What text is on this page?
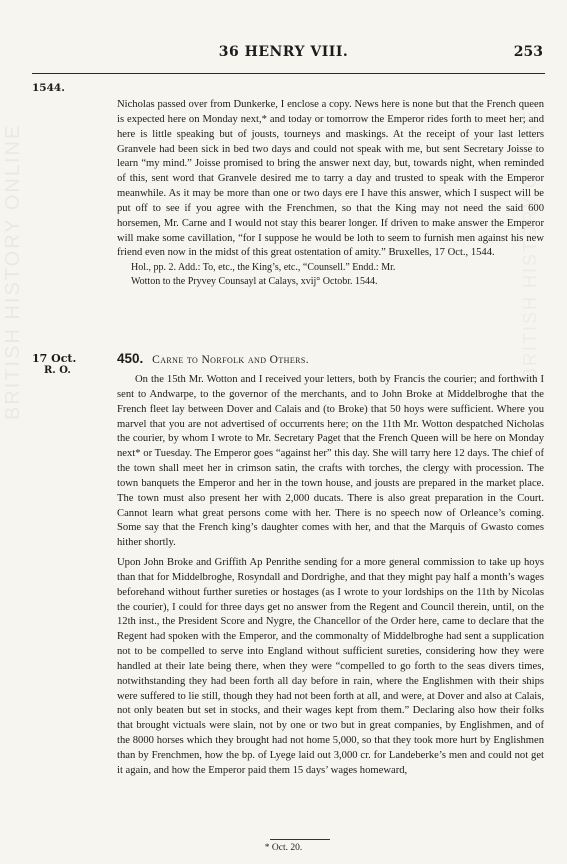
BRITISH HISTORY ONLINE
36 HENRY VIII.	253
1544.

Nicholas passed over from Dunkerke, I enclose a copy. News here is none but that the French queen is expected here on Monday next,* and today or tomorrow the Emperor rides forth to meet her; and here is little speaking but of jousts, tourneys and maskings. At the receipt of your last letters Granvele had been sick in bed two days and could not speak with me, but sent Secretary Joisse to learn “my mind.” Joisse promised to bring the answer next day, but, towards night, when reminded of this, sent word that Granvele desired me to tarry a day and trusted to speak with the Emperor meanwhile. As it may be more than one or two days ere I have this answer, which I suspect will be put off to see if you agree with the Frenchmen, so that the King may not need the said 600 horsemen, Mr. Carne and I would not stay this bearer longer. If driven to make answer the Emperor will make some cavillation, “for I suppose he would be loth to seem to furnish men against his new friend even now in the midst of this great ostentation of amity.” Bruxelles, 17 Oct., 1544.

Hol., pp. 2. Add.: To, etc., the King’s, etc., “Counsell.” Endd.: Mr.

Wotton to the Pryvey Counsayl at Calays, xvij° Octobr. 1544.

17 Oct.
R. O.
450. Carne to Norfolk and Others.

On the 15th Mr. Wotton and I received your letters, both by Francis the courier; and forthwith I sent to Andwarpe, to the governor of the merchants, and to John Broke at Middelbroghe that the French fleet lay between Dover and Calais and (to Broke) that 50 hoys were sufficient. Where you marvel that you are not advertised of occurrents here; on the 11th Mr. Wotton despatched Nicholas the courier, by whom I wrote to Mr. Secretary Paget that the French Queen will be here on Monday next* or Tuesday. The Emperor goes “against her” this day. She will tarry here 12 days. The chief of the town shall meet her in crimson satin, the crafts with torches, the clergy with procession. The town banquets the Emperor and her in the town house, and jousts are prepared in the market place. The town must also present her with 2,000 ducats. There is also great preparation in the Court. Cannot learn what great persons come with her. There is no speech now of Orleance’s coming. Some say that the French king’s daughter comes with her, and that the Marquis of Gwasto comes hither shortly.

Upon John Broke and Griffith Ap Penrithe sending for a more general commission to take up hoys than that for Middelbroghe, Rosyndall and Dordrighe, and that they might pay half a month’s wages beforehand without further sureties or hostages (as I wrote to your lordships on the 11th by Nicolas the courier), I could for three days get no answer from the Regent and Council therein, until, on the 12th inst., the President Score and Nygre, the Chancellor of the Order here, came to declare that the Regent had spoken with the Emperor, and the commonalty of Middelbroghe had sent a supplication not to be compelled to serve into England without sufficient sureties, considering how they were handled at their late being there, when they were “compelled to go forth to the seas divers times, notwithstanding they had been forth all day before in rain, where the Englishmen with their ships were suffered to lie still, though they had not been forth at all, and were, at Dover and also at Calais, not only beaten but set in stocks, and their wages kept from them.” Declaring also how their folks that brought victuals were slain, not by one or two but in great companies, by Englishmen, and of the 8000 horses which they brought had not home 5,000, so that they took more hurt by Englishmen than by Frenchmen, how the bp. of Lyege laid out 3,000 cr. for Landeberke’s men and could not get it again, and how the Emperor paid them 15 days’ wages homeward,

* Oct. 20.
